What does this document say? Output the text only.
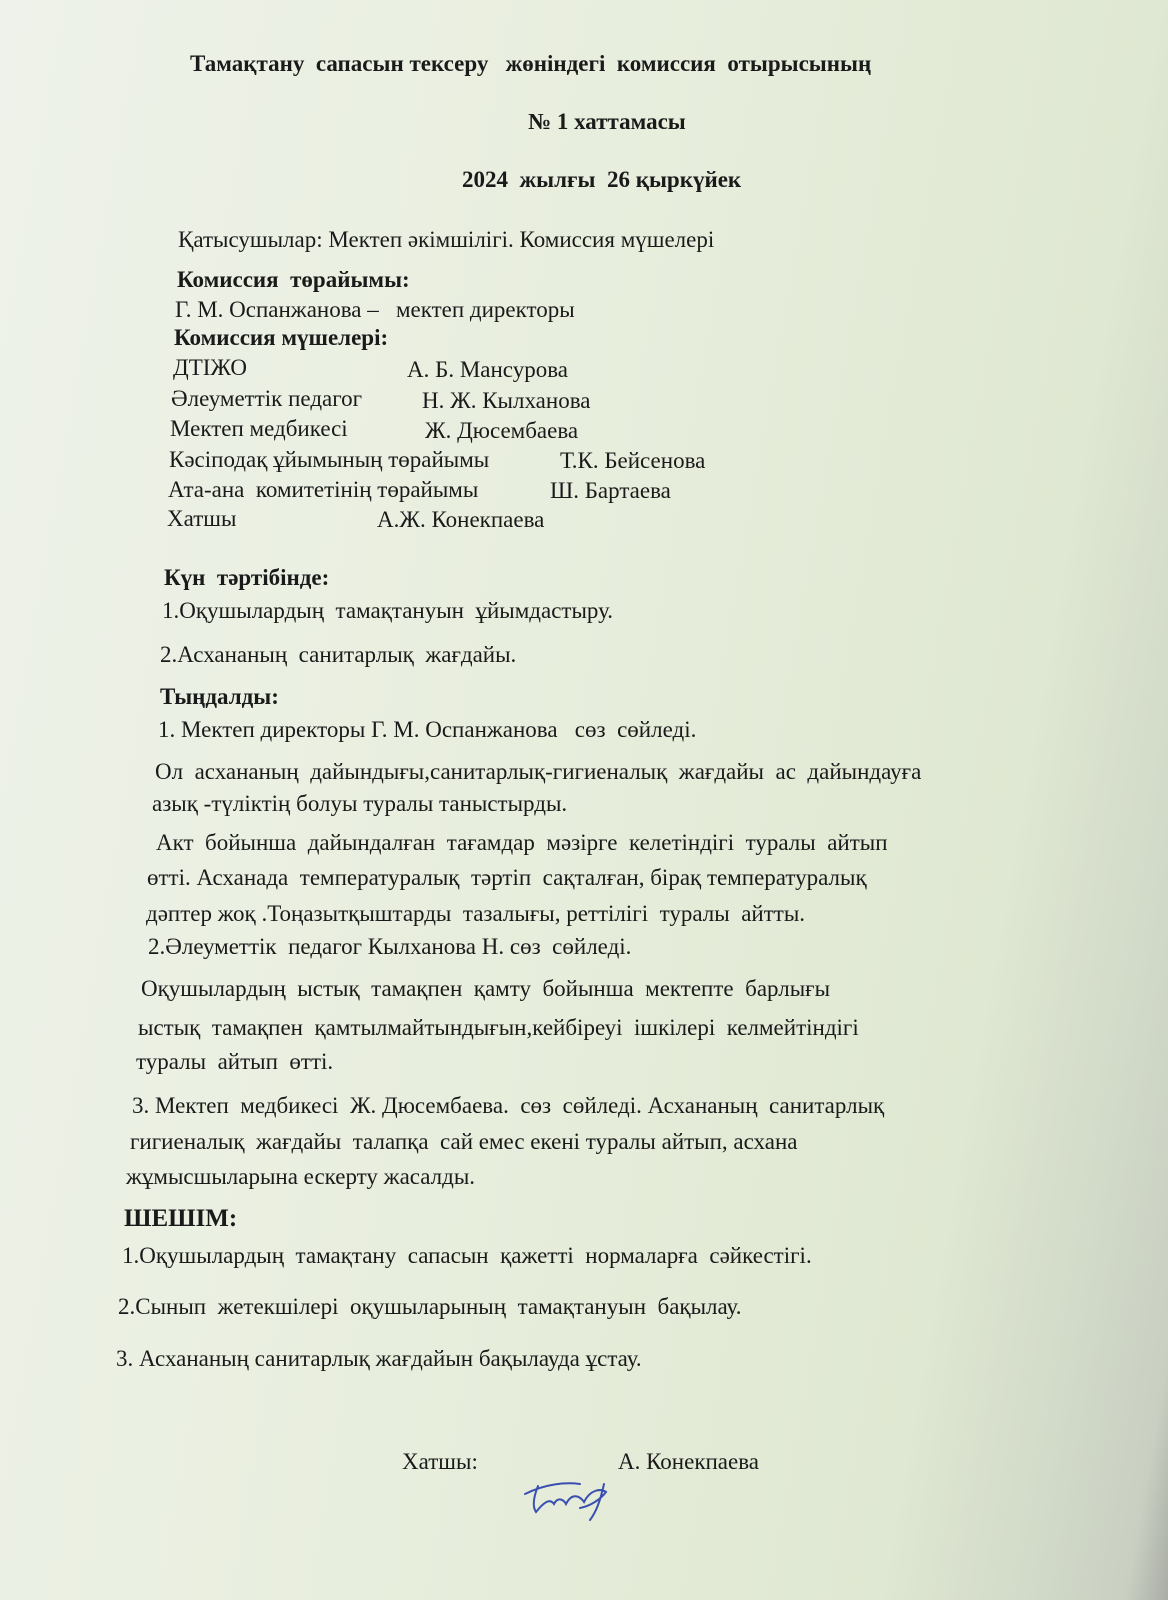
Тамақтану  сапасын тексеру   жөніндегі  комиссия  отырысының
№ 1 хаттамасы
2024  жылғы  26 қыркүйек
Қатысушылар: Мектеп әкімшілігі. Комиссия мүшелері
Комиссия  төрайымы:
Г. М. Оспанжанова –   мектеп директоры
Комиссия мүшелері:
ДТІЖО	А. Б. Мансурова
Әлеуметтік педагог	Н. Ж. Кылханова
Мектеп медбикесі	Ж. Дюсембаева
Кәсіподақ ұйымының төрайымы	Т.К. Бейсенова
Ата-ана  комитетінің төрайымы	Ш. Бартаева
Хатшы	А.Ж. Конекпаева
Күн  тәртібінде:
1.Оқушылардың  тамақтануын  ұйымдастыру.
2.Асхананың  санитарлық  жағдайы.
Тыңдалды:
1. Мектеп директоры Г. М. Оспанжанова   сөз  сөйледі.
Ол  асхананың  дайындығы,санитарлық-гигиеналық  жағдайы  ас  дайындауға
азық -түліктің болуы туралы таныстырды.
Акт  бойынша  дайындалған  тағамдар  мәзірге  келетіндігі  туралы  айтып
өтті. Асханада  температуралық  тәртіп  сақталған, бірақ температуралық
дәптер жоқ .Тоңазытқыштарды  тазалығы, реттілігі  туралы  айтты.
2.Әлеуметтік  педагог Кылханова Н. сөз  сөйледі.
Оқушылардың  ыстық  тамақпен  қамту  бойынша  мектепте  барлығы
ыстық  тамақпен  қамтылмайтындығын,кейбіреуі  ішкілері  келмейтіндігі
туралы  айтып  өтті.
3. Мектеп  медбикесі  Ж. Дюсембаева.  сөз  сөйледі. Асхананың  санитарлық
гигиеналық  жағдайы  талапқа  сай емес екені туралы айтып, асхана
жұмысшыларына ескерту жасалды.
ШЕШІМ:
1.Оқушылардың  тамақтану  сапасын  қажетті  нормаларға  сәйкестігі.
2.Сынып  жетекшілері  оқушыларының  тамақтануын  бақылау.
3. Асхананың санитарлық жағдайын бақылауда ұстау.
Хатшы:	А. Конекпаева
